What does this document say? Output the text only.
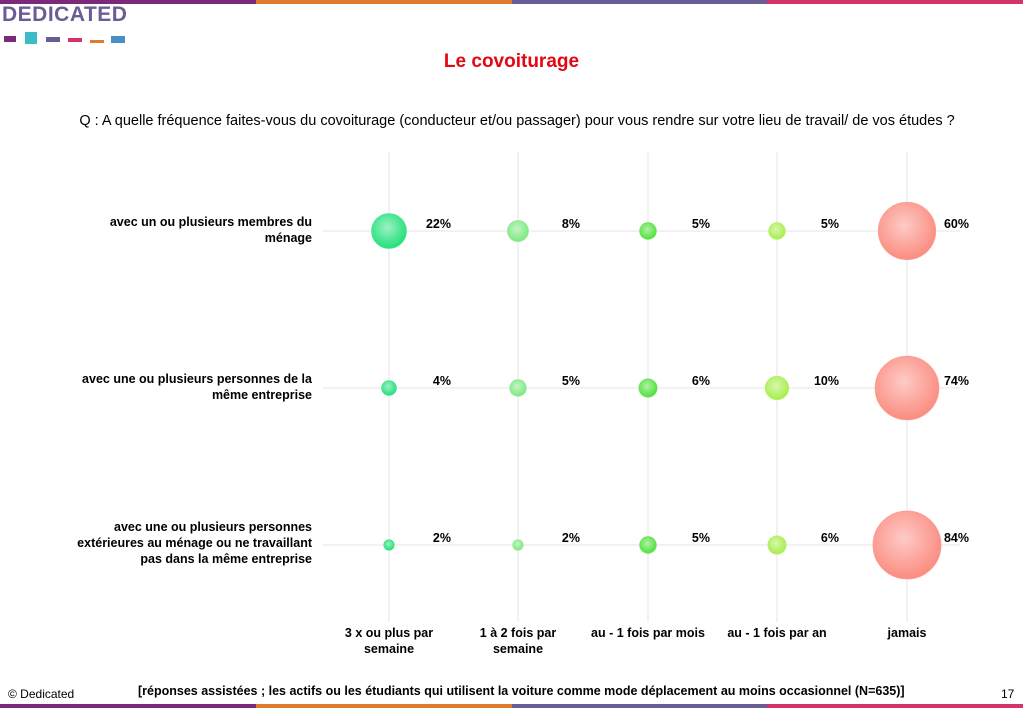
DEDICATED
Le covoiturage
Q : A quelle fréquence faites-vous du covoiturage (conducteur et/ou passager) pour vous rendre sur votre lieu de travail/ de vos études ?
22%	8%	5%	5%	60%
4%	5%	6%	10%	74%
2%	2%	5%	6%	84%
avec un ou plusieurs membres du
ménage
avec une ou plusieurs personnes de la
même entreprise
avec une ou plusieurs personnes
extérieures au ménage ou ne travaillant
pas dans la même entreprise
3 x ou plus par
semaine
1 à 2 fois par
semaine
au - 1 fois par mois	au - 1 fois par an	jamais
© Dedicated	[réponses assistées ; les actifs ou les étudiants qui utilisent la voiture comme mode déplacement au moins occasionnel (N=635)]	17
